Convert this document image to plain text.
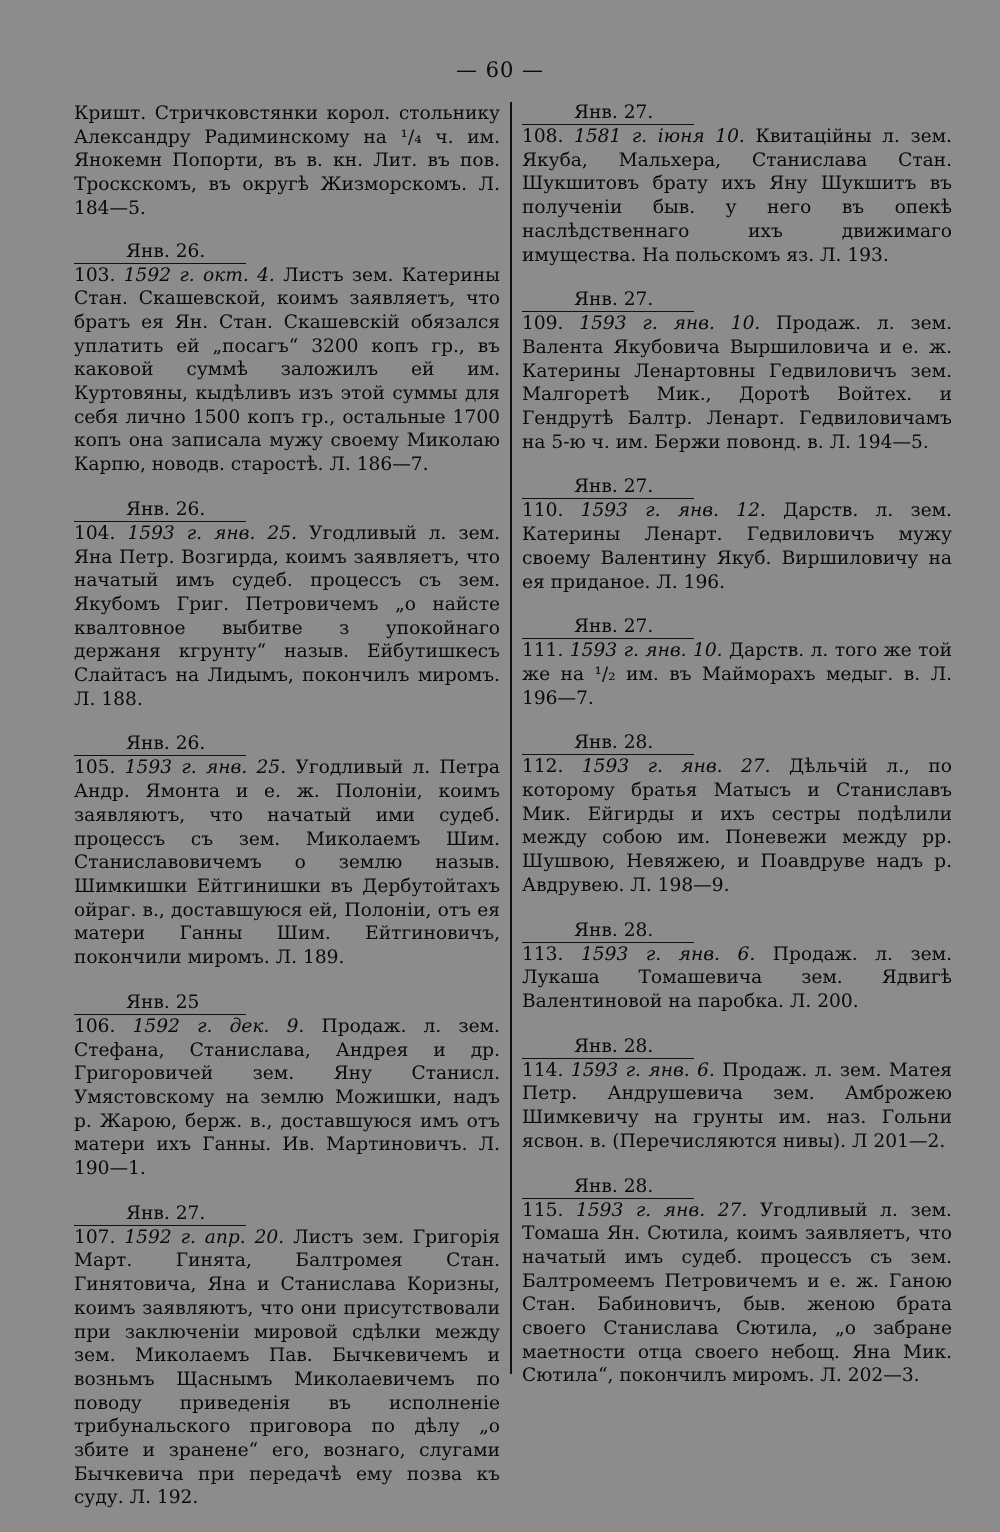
— 60 —
Кришт. Стричковстянки корол. стольнику Александру Радиминскому на ¹/₄ ч. им. Янокемн Попорти, въ в. кн. Лит. въ пов. Троскскомъ, въ округѣ Жизморскомъ. Л. 184—5.
Янв. 26.
103. 1592 г. окт. 4. Листъ зем. Катерины Стан. Скашевской, коимъ заявляетъ, что братъ ея Ян. Стан. Скашевскій обязался уплатить ей „посагъ“ 3200 копъ гр., въ каковой суммѣ заложилъ ей им. Куртовяны, кыдѣливъ изъ этой суммы для себя лично 1500 копъ гр., остальные 1700 копъ она записала мужу своему Миколаю Карпю, новодв. старостѣ. Л. 186—7.
Янв. 26.
104. 1593 г. янв. 25. Угодливый л. зем. Яна Петр. Возгирда, коимъ заявляетъ, что начатый имъ судеб. процессъ съ зем. Якубомъ Григ. Петровичемъ „о найсте квалтовное выбитве з упокойнаго держаня кгрунту“ назыв. Ейбутишкесъ Слайтасъ на Лидымъ, покончилъ миромъ. Л. 188.
Янв. 26.
105. 1593 г. янв. 25. Угодливый л. Петра Андр. Ямонта и е. ж. Полоніи, коимъ заявляютъ, что начатый ими судеб. процессъ съ зем. Миколаемъ Шим. Станиславовичемъ о землю назыв. Шимкишки Ейтгинишки въ Дербутойтахъ ойраг. в., доставшуюся ей, Полоніи, отъ ея матери Ганны Шим. Ейтгиновичъ, покончили миромъ. Л. 189.
Янв. 25
106. 1592 г. дек. 9. Продаж. л. зем. Стефана, Станислава, Андрея и др. Григоровичей зем. Яну Станисл. Умястовскому на землю Можишки, надъ р. Жарою, берж. в., доставшуюся имъ отъ матери ихъ Ганны. Ив. Мартиновичъ. Л. 190—1.
Янв. 27.
107. 1592 г. апр. 20. Листъ зем. Григорія Март. Гинята, Балтромея Стан. Гинятовича, Яна и Станислава Коризны, коимъ заявляютъ, что они присутствовали при заключеніи мировой сдѣлки между зем. Миколаемъ Пав. Бычкевичемъ и возньмъ Щаснымъ Миколаевичемъ по поводу приведенія въ исполненіе трибунальского приговора по дѣлу „о збите и зранене“ его, вознаго, слугами Бычкевича при передачѣ ему позва къ суду. Л. 192.
Янв. 27.
108. 1581 г. іюня 10. Квитаційны л. зем. Якуба, Мальхера, Станислава Стан. Шукшитовъ брату ихъ Яну Шукшитъ въ полученіи быв. у него въ опекѣ наслѣдственнаго ихъ движимаго имущества. На польскомъ яз. Л. 193.
Янв. 27.
109. 1593 г. янв. 10. Продаж. л. зем. Валента Якубовича Выршиловича и е. ж. Катерины Ленартовны Гедвиловичъ зем. Малгоретѣ Мик., Доротѣ Войтех. и Гендрутѣ Балтр. Ленарт. Гедвиловичамъ на 5-ю ч. им. Бержи повонд. в. Л. 194—5.
Янв. 27.
110. 1593 г. янв. 12. Дарств. л. зем. Катерины Ленарт. Гедвиловичъ мужу своему Валентину Якуб. Виршиловичу на ея приданое. Л. 196.
Янв. 27.
111. 1593 г. янв. 10. Дарств. л. того же той же на ¹/₂ им. въ Майморахъ медыг. в. Л. 196—7.
Янв. 28.
112. 1593 г. янв. 27. Дѣльчій л., по которому братья Матысъ и Станиславъ Мик. Ейгирды и ихъ сестры подѣлили между собою им. Поневежи между рр. Шушвою, Невяжею, и Поавдруве надъ р. Авдрувею. Л. 198—9.
Янв. 28.
113. 1593 г. янв. 6. Продаж. л. зем. Лукаша Томашевича зем. Ядвигѣ Валентиновой на паробка. Л. 200.
Янв. 28.
114. 1593 г. янв. 6. Продаж. л. зем. Матея Петр. Андрушевича зем. Амброжею Шимкевичу на грунты им. наз. Гольни ясвон. в. (Перечисляются нивы). Л 201—2.
Янв. 28.
115. 1593 г. янв. 27. Угодливый л. зем. Томаша Ян. Сютила, коимъ заявляетъ, что начатый имъ судеб. процессъ съ зем. Балтромеемъ Петровичемъ и е. ж. Ганою Стан. Бабиновичъ, быв. женою брата своего Станислава Сютила, „о забране маетности отца своего небощ. Яна Мик. Сютила“, покончилъ миромъ. Л. 202—3.
